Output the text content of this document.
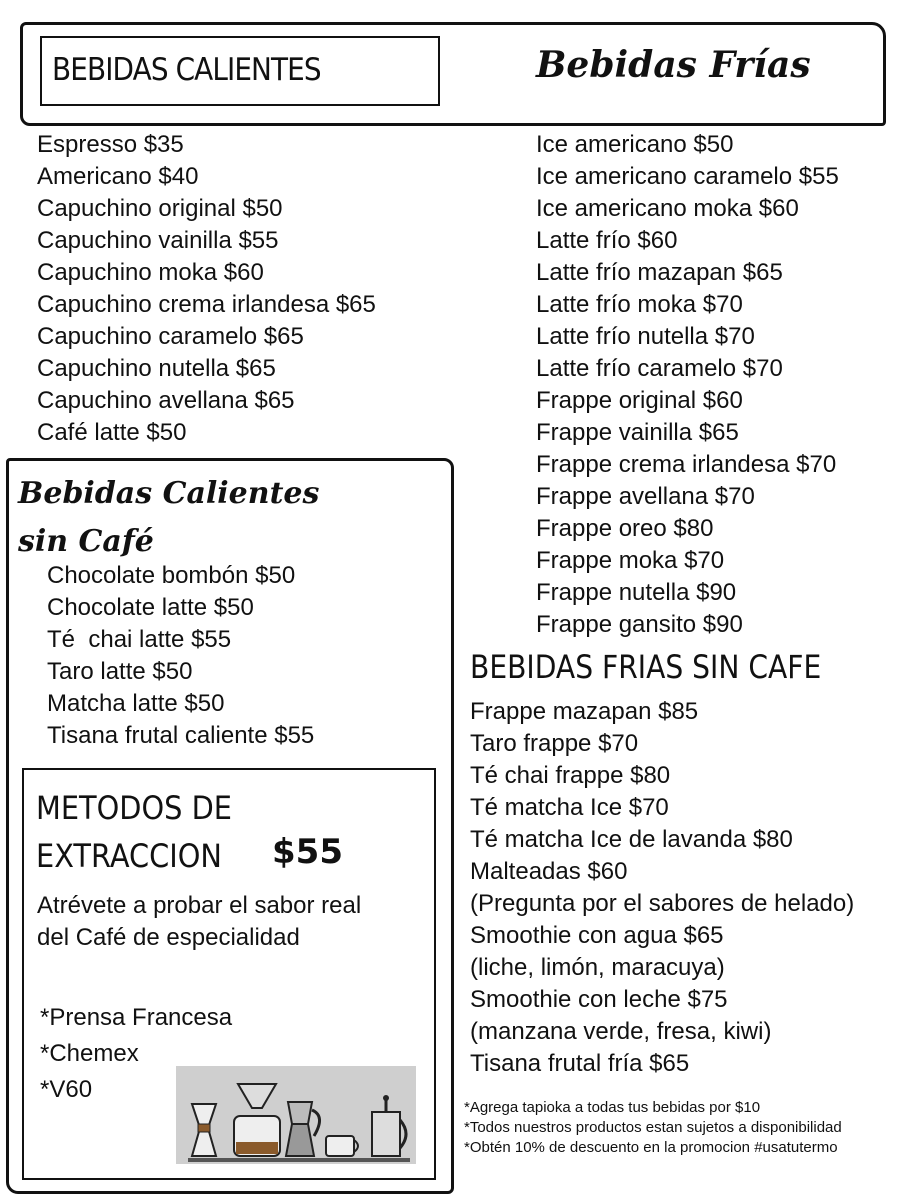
BEBIDAS CALIENTES	Bebidas Frías
Espresso $35
Americano $40
Capuchino original $50
Capuchino vainilla $55
Capuchino moka $60
Capuchino crema irlandesa $65
Capuchino caramelo $65
Capuchino nutella $65
Capuchino avellana $65
Café latte $50
Ice americano $50
Ice americano caramelo $55
Ice americano moka $60
Latte frío $60
Latte frío mazapan $65
Latte frío moka $70
Latte frío nutella $70
Latte frío caramelo $70
Frappe original $60
Frappe vainilla $65
Frappe crema irlandesa $70
Frappe avellana $70
Frappe oreo $80
Frappe moka $70
Frappe nutella $90
Frappe gansito $90
Bebidas Calientes
sin Café
Chocolate bombón $50
Chocolate latte $50
Té  chai latte $55
Taro latte $50
Matcha latte $50
Tisana frutal caliente $55
METODOS DE
EXTRACCION $55
Atrévete a probar el sabor real del Café de especialidad
*Prensa Francesa
*Chemex
*V60
BEBIDAS FRIAS SIN CAFE
Frappe mazapan $85
Taro frappe $70
Té chai frappe $80
Té matcha Ice $70
Té matcha Ice de lavanda $80
Malteadas $60
(Pregunta por el sabores de helado)
Smoothie con agua $65
(liche, limón, maracuya)
Smoothie con leche $75
(manzana verde, fresa, kiwi)
Tisana frutal fría $65
*Agrega tapioka a todas tus bebidas por $10
*Todos nuestros productos estan sujetos a disponibilidad
*Obtén 10% de descuento en la promocion #usatutermo
